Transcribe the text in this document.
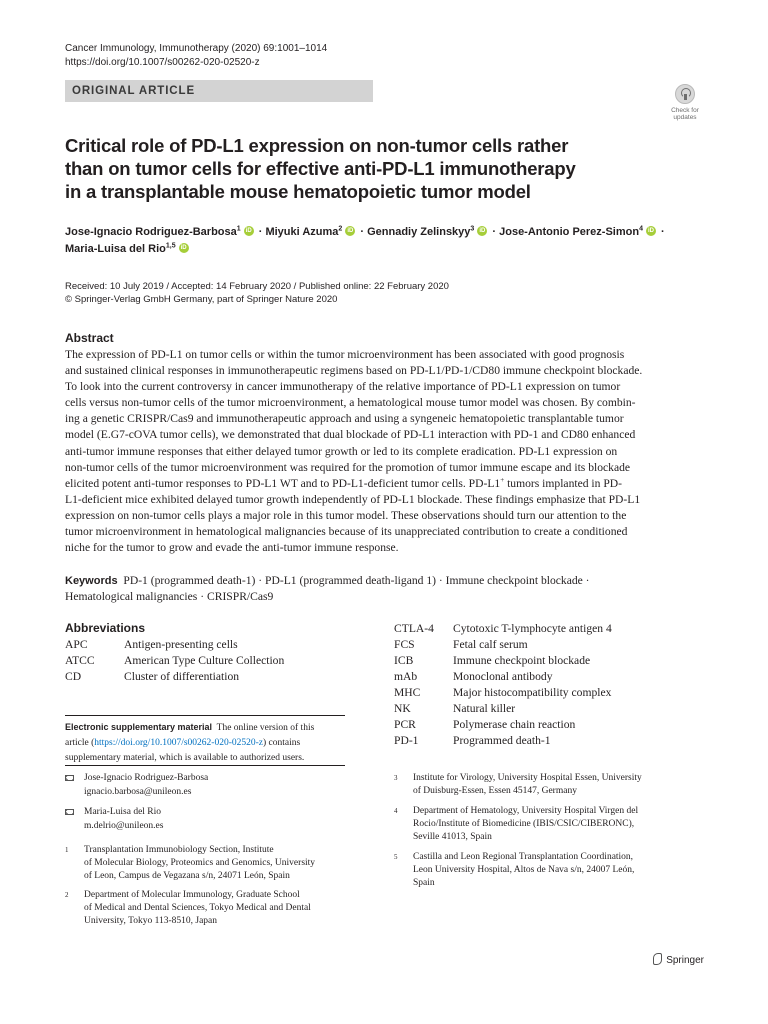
Cancer Immunology, Immunotherapy (2020) 69:1001–1014
https://doi.org/10.1007/s00262-020-02520-z
ORIGINAL ARTICLE
Check for
updates
Critical role of PD-L1 expression on non-tumor cells rather
than on tumor cells for effective anti-PD-L1 immunotherapy
in a transplantable mouse hematopoietic tumor model
Jose-Ignacio Rodriguez-Barbosa$^1$iD · Miyuki Azuma$^2$iD · Gennadiy Zelinskyy$^3$iD · Jose-Antonio Perez-Simon$^4$iD ·
Maria-Luisa del Rio$^{1,5}$iD
Received: 10 July 2019 / Accepted: 14 February 2020 / Published online: 22 February 2020
© Springer-Verlag GmbH Germany, part of Springer Nature 2020
Abstract
The expression of PD-L1 on tumor cells or within the tumor microenvironment has been associated with good prognosis
and sustained clinical responses in immunotherapeutic regimens based on PD-L1/PD-1/CD80 immune checkpoint blockade.
To look into the current controversy in cancer immunotherapy of the relative importance of PD-L1 expression on tumor
cells versus non-tumor cells of the tumor microenvironment, a hematological mouse tumor model was chosen. By combin-
ing a genetic CRISPR/Cas9 and immunotherapeutic approach and using a syngeneic hematopoietic transplantable tumor
model (E.G7-cOVA tumor cells), we demonstrated that dual blockade of PD-L1 interaction with PD-1 and CD80 enhanced
anti-tumor immune responses that either delayed tumor growth or led to its complete eradication. PD-L1 expression on
non-tumor cells of the tumor microenvironment was required for the promotion of tumor immune escape and its blockade
elicited potent anti-tumor responses to PD-L1 WT and to PD-L1-deficient tumor cells. PD-L1+ tumors implanted in PD-
L1-deficient mice exhibited delayed tumor growth independently of PD-L1 blockade. These findings emphasize that PD-L1
expression on non-tumor cells plays a major role in this tumor model. These observations should turn our attention to the
tumor microenvironment in hematological malignancies because of its unappreciated contribution to create a conditioned
niche for the tumor to grow and evade the anti-tumor immune response.
Keywords PD-1 (programmed death-1) · PD-L1 (programmed death-ligand 1) · Immune checkpoint blockade ·
Hematological malignancies · CRISPR/Cas9
Abbreviations
APC	Antigen-presenting cells
ATCC	American Type Culture Collection
CD	Cluster of differentiation
CTLA-4 Cytotoxic T-lymphocyte antigen 4
FCS	Fetal calf serum
ICB	Immune checkpoint blockade
mAb	Monoclonal antibody
MHC	Major histocompatibility complex
NK	Natural killer
PCR	Polymerase chain reaction
PD-1	Programmed death-1
Electronic supplementary material The online version of this
article (https://doi.org/10.1007/s00262-020-02520-z) contains
supplementary material, which is available to authorized users.
Jose-Ignacio Rodriguez-Barbosa
ignacio.barbosa@unileon.es
Maria-Luisa del Rio
m.delrio@unileon.es
1 Transplantation Immunobiology Section, Institute
of Molecular Biology, Proteomics and Genomics, University
of Leon, Campus de Vegazana s/n, 24071 León, Spain
2 Department of Molecular Immunology, Graduate School
of Medical and Dental Sciences, Tokyo Medical and Dental
University, Tokyo 113-8510, Japan
3 Institute for Virology, University Hospital Essen, University
of Duisburg-Essen, Essen 45147, Germany
4 Department of Hematology, University Hospital Virgen del
Rocio/Institute of Biomedicine (IBIS/CSIC/CIBERONC),
Seville 41013, Spain
5 Castilla and Leon Regional Transplantation Coordination,
Leon University Hospital, Altos de Nava s/n, 24007 León,
Spain
Springer
